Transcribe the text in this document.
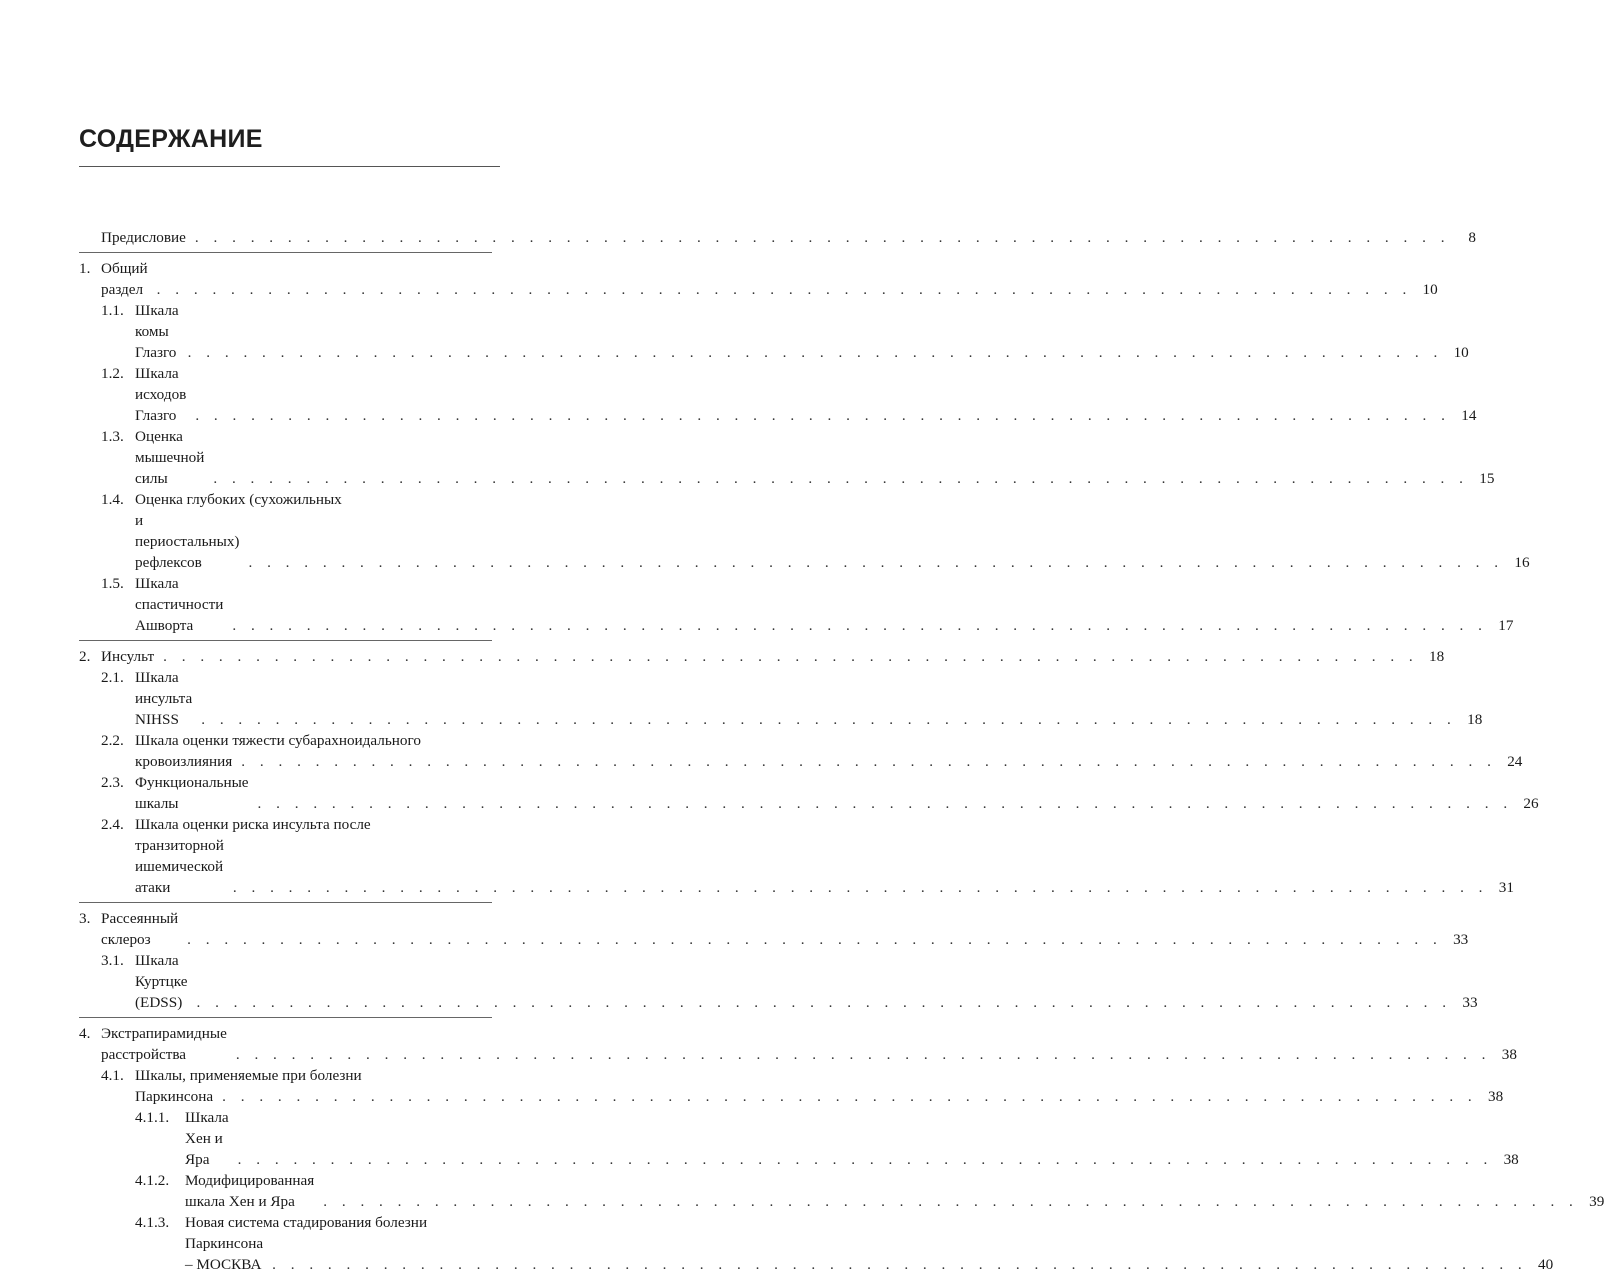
СОДЕРЖАНИЕ
Предисловие . . .	8
1. Общий раздел . . .	10
1.1. Шкала комы Глазго . . .	10
1.2. Шкала исходов Глазго . . .	14
1.3. Оценка мышечной силы . . .	15
1.4. Оценка глубоких (сухожильных
и периостальных) рефлексов . . .	16
1.5. Шкала спастичности Ашворта . . .	17
2. Инсульт . . .	18
2.1. Шкала инсульта NIHSS . . .	18
2.2. Шкала оценки тяжести субарахноидального
кровоизлияния . . .	24
2.3. Функциональные шкалы . . .	26
2.4. Шкала оценки риска инсульта после
транзиторной ишемической атаки . . .	31
3. Рассеянный склероз . . .	33
3.1. Шкала Куртцке (EDSS) . . .	33
4. Экстрапирамидные расстройства . . .	38
4.1. Шкалы, применяемые при болезни
Паркинсона . . .	38
4.1.1.	Шкала Хен и Яра . . .	38
4.1.2.	Модифицированная шкала Хен и Яра . . .	39
4.1.3.	Новая система стадирования болезни
Паркинсона – МОСКВА . . .	40
